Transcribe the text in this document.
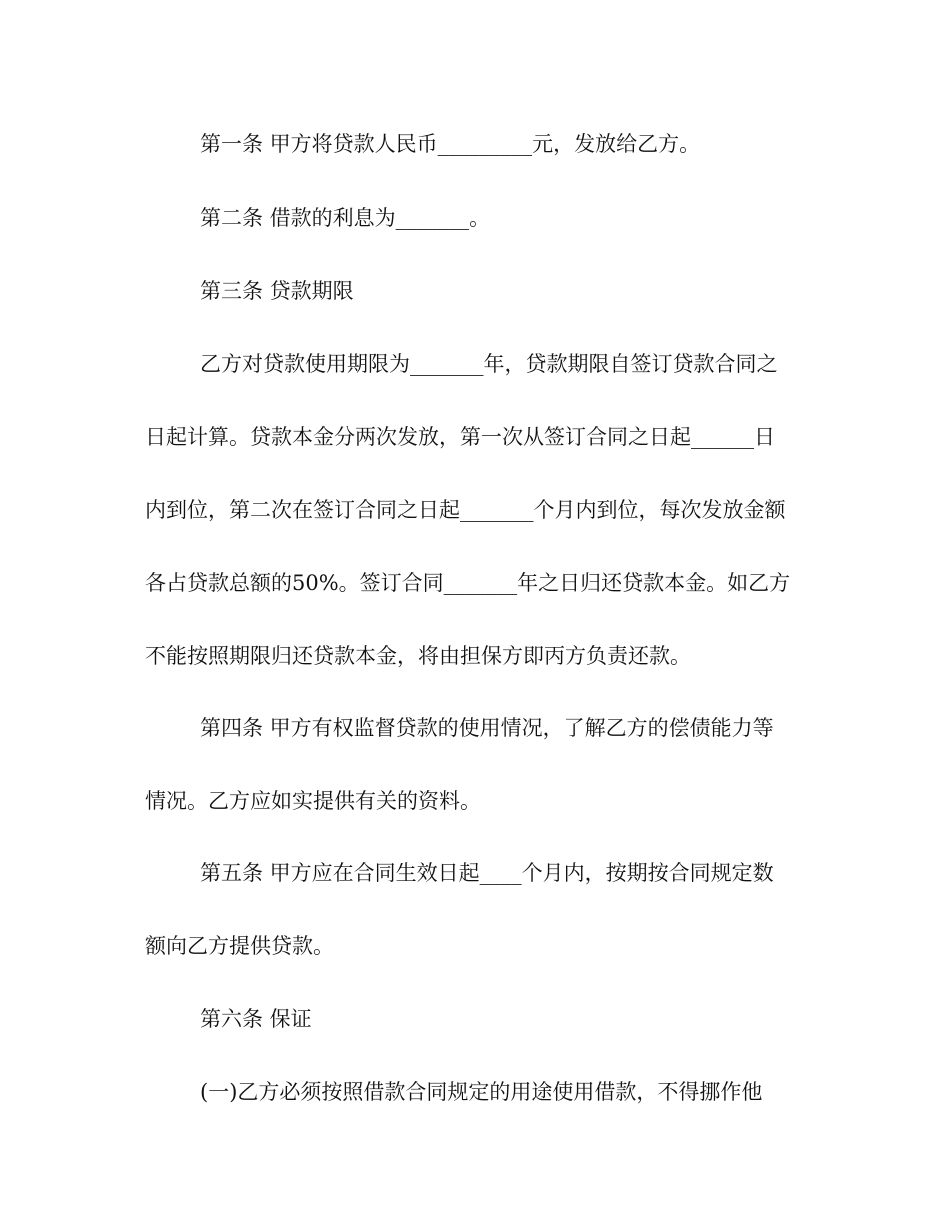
第一条 甲方将贷款人民币_________元，发放给乙方。
第二条 借款的利息为_______。
第三条 贷款期限
乙方对贷款使用期限为_______年，贷款期限自签订贷款合同之
日起计算。贷款本金分两次发放，第一次从签订合同之日起______日
内到位，第二次在签订合同之日起_______个月内到位，每次发放金额
各占贷款总额的50%。签订合同_______年之日归还贷款本金。如乙方
不能按照期限归还贷款本金，将由担保方即丙方负责还款。
第四条 甲方有权监督贷款的使用情况，了解乙方的偿债能力等
情况。乙方应如实提供有关的资料。
第五条 甲方应在合同生效日起____个月内，按期按合同规定数
额向乙方提供贷款。
第六条 保证
(一)乙方必须按照借款合同规定的用途使用借款，不得挪作他
